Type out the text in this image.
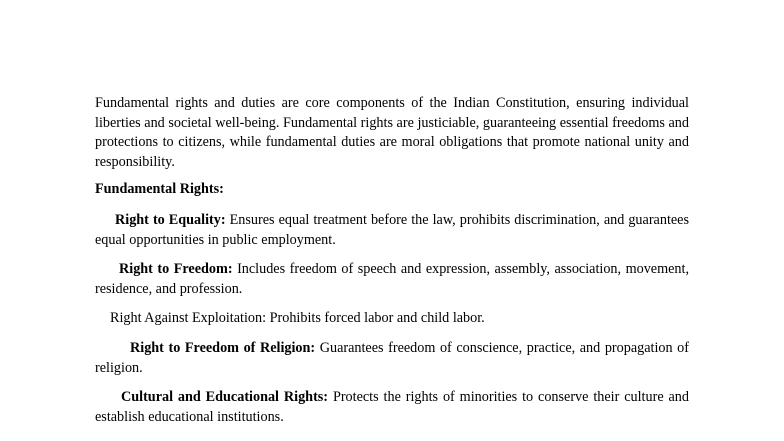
Fundamental rights and duties are core components of the Indian Constitution, ensuring individual liberties and societal well-being. Fundamental rights are justiciable, guaranteeing essential freedoms and protections to citizens, while fundamental duties are moral obligations that promote national unity and responsibility.

Fundamental Rights:

Right to Equality: Ensures equal treatment before the law, prohibits discrimination, and guarantees equal opportunities in public employment.

Right to Freedom: Includes freedom of speech and expression, assembly, association, movement, residence, and profession.

Right Against Exploitation: Prohibits forced labor and child labor.

Right to Freedom of Religion: Guarantees freedom of conscience, practice, and propagation of religion.

Cultural and Educational Rights: Protects the rights of minorities to conserve their culture and establish educational institutions.
